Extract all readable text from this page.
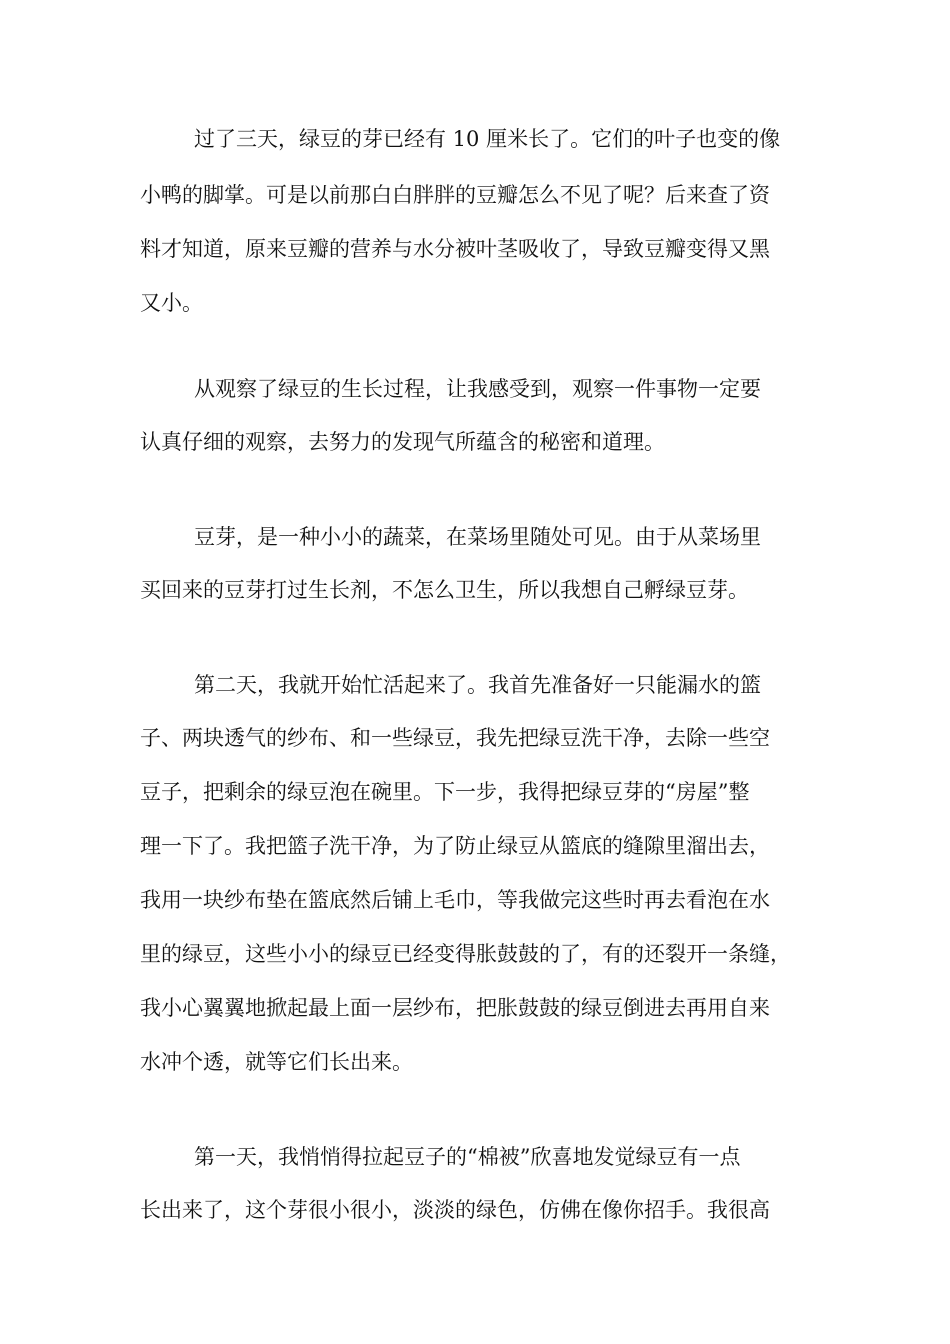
过了三天，绿豆的芽已经有 10 厘米长了。它们的叶子也变的像

小鸭的脚掌。可是以前那白白胖胖的豆瓣怎么不见了呢？后来查了资

料才知道，原来豆瓣的营养与水分被叶茎吸收了，导致豆瓣变得又黑

又小。

从观察了绿豆的生长过程，让我感受到，观察一件事物一定要

认真仔细的观察，去努力的发现气所蕴含的秘密和道理。

豆芽，是一种小小的蔬菜，在菜场里随处可见。由于从菜场里

买回来的豆芽打过生长剂，不怎么卫生，所以我想自己孵绿豆芽。

第二天，我就开始忙活起来了。我首先准备好一只能漏水的篮

子、两块透气的纱布、和一些绿豆，我先把绿豆洗干净，去除一些空

豆子，把剩余的绿豆泡在碗里。下一步，我得把绿豆芽的“房屋”整

理一下了。我把篮子洗干净，为了防止绿豆从篮底的缝隙里溜出去，

我用一块纱布垫在篮底然后铺上毛巾，等我做完这些时再去看泡在水

里的绿豆，这些小小的绿豆已经变得胀鼓鼓的了，有的还裂开一条缝，

我小心翼翼地掀起最上面一层纱布，把胀鼓鼓的绿豆倒进去再用自来

水冲个透，就等它们长出来。

第一天，我悄悄得拉起豆子的“棉被”欣喜地发觉绿豆有一点

长出来了，这个芽很小很小，淡淡的绿色，仿佛在像你招手。我很高
